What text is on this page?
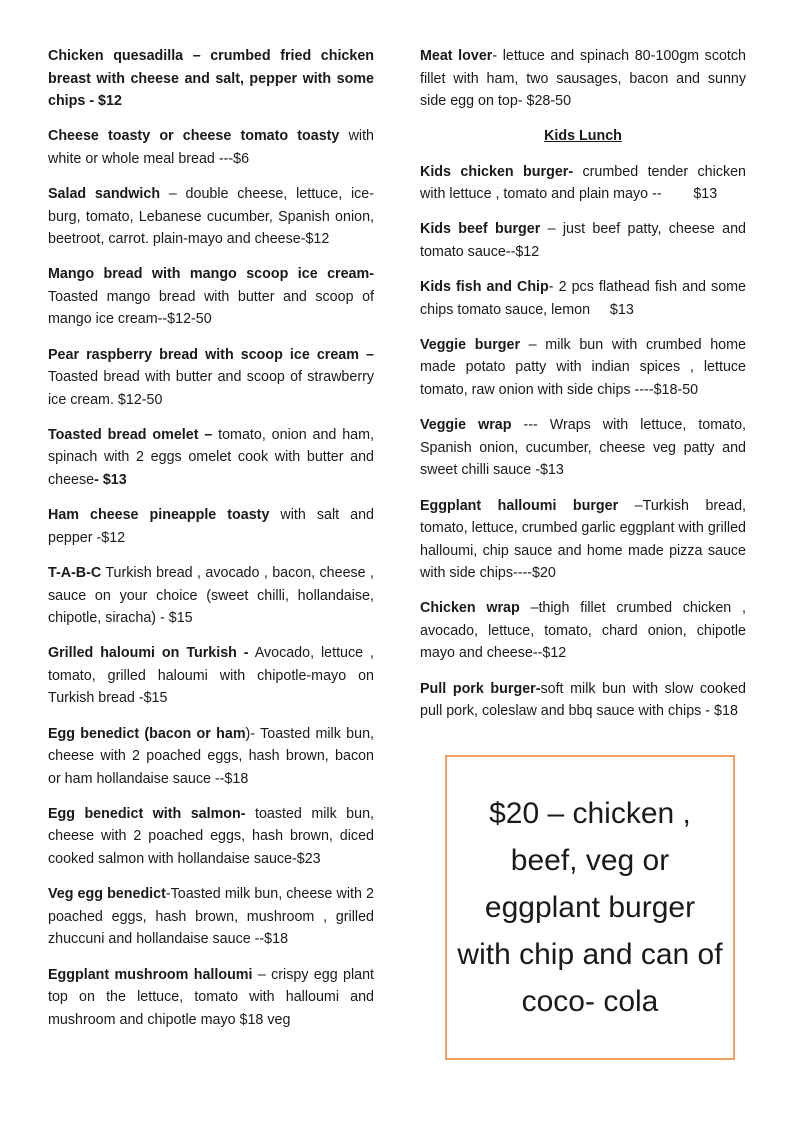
Chicken quesadilla – crumbed fried chicken breast with cheese and salt, pepper with some chips - $12

Cheese toasty or cheese tomato toasty with white or whole meal bread ---$6

Salad sandwich – double cheese, lettuce, ice-burg, tomato, Lebanese cucumber, Spanish onion, beetroot, carrot. plain-mayo and cheese-$12

Mango bread with mango scoop ice cream- Toasted mango bread with butter and scoop of mango ice cream--$12-50

Pear raspberry bread with scoop ice cream – Toasted bread with butter and scoop of strawberry ice cream. $12-50

Toasted bread omelet – tomato, onion and ham, spinach with 2 eggs omelet cook with butter and cheese- $13

Ham cheese pineapple toasty with salt and pepper -$12

T-A-B-C Turkish bread , avocado , bacon, cheese , sauce on your choice (sweet chilli, hollandaise, chipotle, siracha) - $15

Grilled haloumi on Turkish - Avocado, lettuce , tomato, grilled haloumi with chipotle-mayo on Turkish bread -$15

Egg benedict (bacon or ham)- Toasted milk bun, cheese with 2 poached eggs, hash brown, bacon or ham hollandaise sauce --$18

Egg benedict with salmon- toasted milk bun, cheese with 2 poached eggs, hash brown, diced cooked salmon with hollandaise sauce-$23

Veg egg benedict-Toasted milk bun, cheese with 2 poached eggs, hash brown, mushroom , grilled zhuccuni and hollandaise sauce --$18

Eggplant mushroom halloumi – crispy egg plant top on the lettuce, tomato with halloumi and mushroom and chipotle mayo $18 veg

Meat lover- lettuce and spinach 80-100gm scotch fillet with ham, two sausages, bacon and sunny side egg on top- $28-50

Kids Lunch

Kids chicken burger- crumbed tender chicken with lettuce , tomato and plain mayo --        $13

Kids beef burger – just beef patty, cheese and tomato sauce--$12

Kids fish and Chip- 2 pcs flathead fish and some chips tomato sauce, lemon     $13

Veggie burger – milk bun with crumbed home made potato patty with indian spices , lettuce tomato, raw onion with side chips ----$18-50

Veggie wrap --- Wraps with lettuce, tomato, Spanish onion, cucumber, cheese veg patty and sweet chilli sauce -$13

Eggplant halloumi burger –Turkish bread, tomato, lettuce, crumbed garlic eggplant with grilled halloumi, chip sauce and home made pizza sauce with side chips----$20

Chicken wrap –thigh fillet crumbed chicken , avocado, lettuce, tomato, chard onion, chipotle mayo and cheese--$12

Pull pork burger-soft milk bun with slow cooked pull pork, coleslaw and bbq sauce with chips - $18

$20 – chicken , beef, veg or eggplant burger with chip and can of coco- cola
